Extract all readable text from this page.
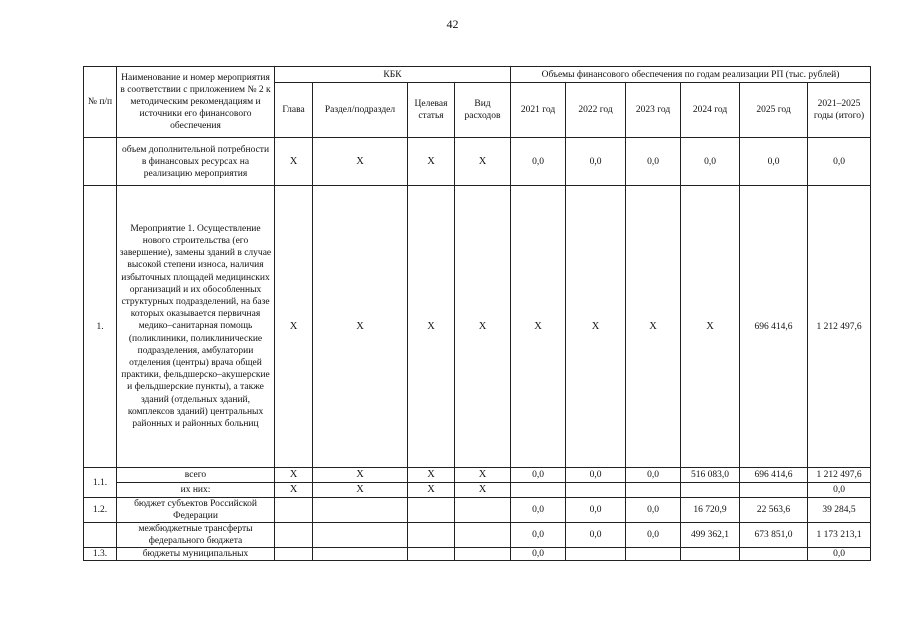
42
№ п/п	Наименование и номер мероприятия в соответствии с приложением № 2 к методическим рекомендациям и источники его финансового обеспечения	КБК				Объемы финансового обеспечения по годам реализации РП (тыс. рублей)					
		Глава	Раздел/подраздел	Целевая статья	Вид расходов	2021 год	2022 год	2023 год	2024 год	2025 год	2021–2025 годы (итого)
	объем дополнительной потребности в финансовых ресурсах на реализацию мероприятия	X	X	X	X	0,0	0,0	0,0	0,0	0,0	0,0
1.	Мероприятие 1. Осуществление нового строительства (его завершение), замены зданий в случае высокой степени износа, наличия избыточных площадей медицинских организаций и их обособленных структурных подразделений, на базе которых оказывается первичная медико–санитарная помощь (поликлиники, поликлинические подразделения, амбулатории отделения (центры) врача общей практики, фельдшерско–акушерские и фельдшерские пункты), а также зданий (отдельных зданий, комплексов зданий) центральных районных и районных больниц	X	X	X	X	X	X	X	X	696 414,6	1 212 497,6
1.1.	всего	X	X	X	X	0,0	0,0	0,0	516 083,0	696 414,6	1 212 497,6
	их них:	X	X	X	X						0,0
1.2.	бюджет субъектов Российской Федерации					0,0	0,0	0,0	16 720,9	22 563,6	39 284,5
	межбюджетные трансферты федерального бюджета					0,0	0,0	0,0	499 362,1	673 851,0	1 173 213,1
1.3.	бюджеты муниципальных					0,0					0,0
